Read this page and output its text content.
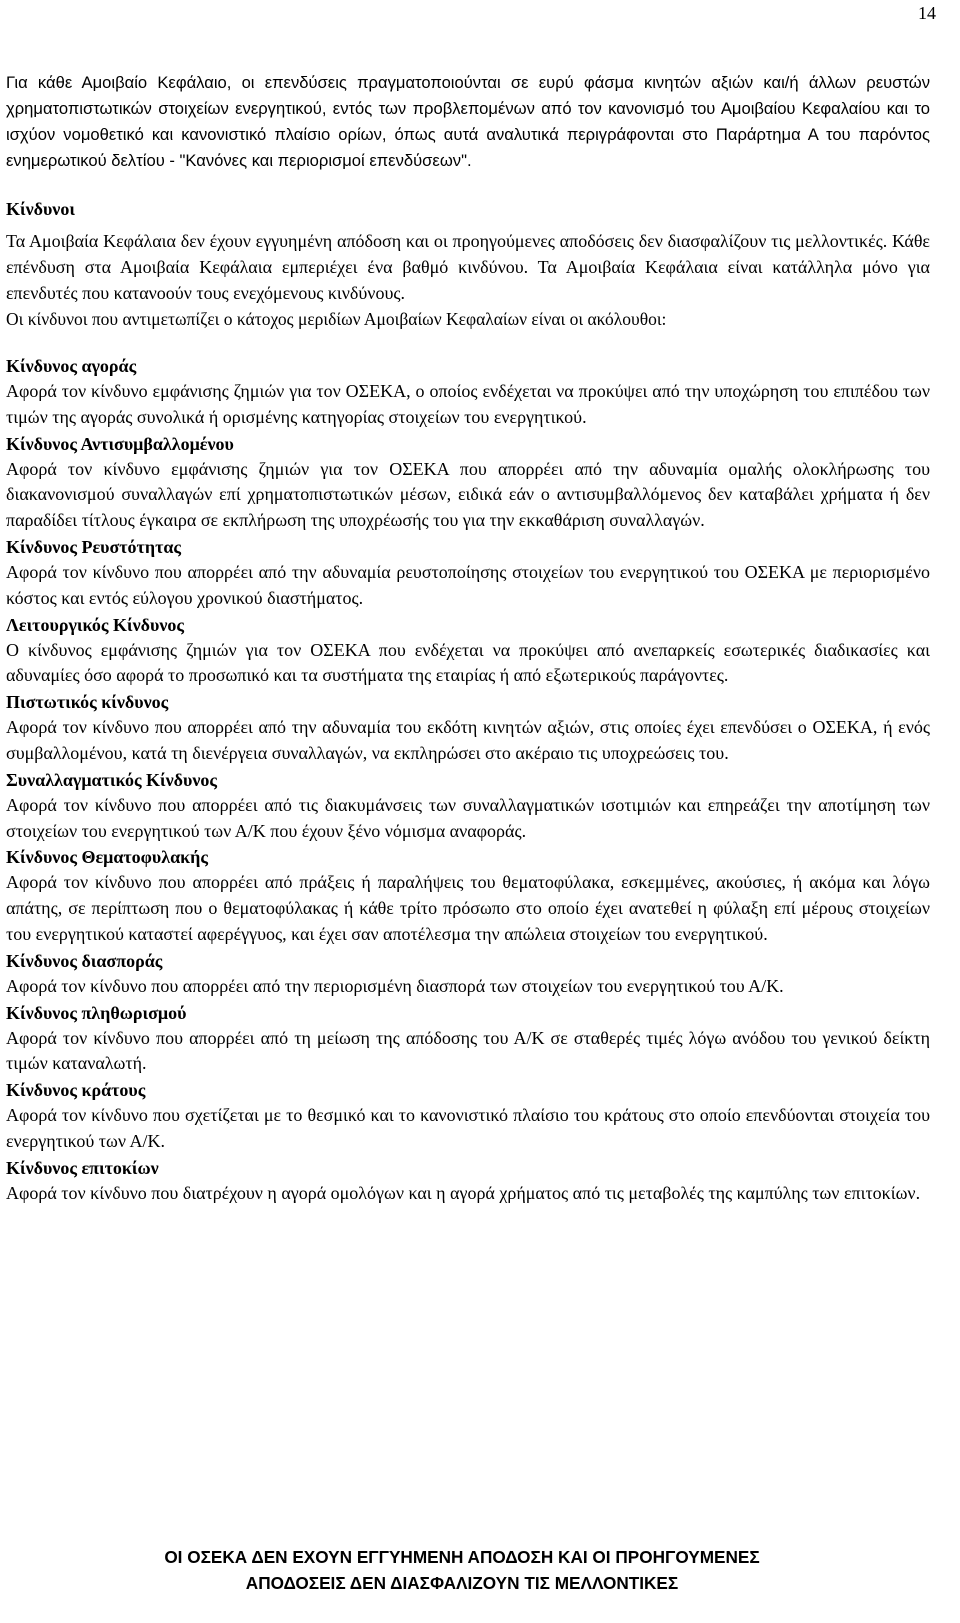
14

Για κάθε Αμοιβαίο Κεφάλαιο, οι επενδύσεις πραγματοποιούνται σε ευρύ φάσμα κινητών αξιών και/ή άλλων ρευστών χρηματοπιστωτικών στοιχείων ενεργητικού, εντός των προβλεπομένων από τον κανονισμό του Αμοιβαίου Κεφαλαίου και το ισχύον νομοθετικό και κανονιστικό πλαίσιο ορίων, όπως αυτά αναλυτικά περιγράφονται στο Παράρτημα Α του παρόντος ενημερωτικού δελτίου - "Κανόνες και περιορισμοί επενδύσεων".

Κίνδυνοι

Τα Αμοιβαία Κεφάλαια δεν έχουν εγγυημένη απόδοση και οι προηγούμενες αποδόσεις δεν διασφαλίζουν τις μελλοντικές. Κάθε επένδυση στα Αμοιβαία Κεφάλαια εμπεριέχει ένα βαθμό κινδύνου. Τα Αμοιβαία Κεφάλαια είναι κατάλληλα μόνο για επενδυτές που κατανοούν τους ενεχόμενους κινδύνους.

Οι κίνδυνοι που αντιμετωπίζει ο κάτοχος μεριδίων Αμοιβαίων Κεφαλαίων είναι οι ακόλουθοι:

Κίνδυνος αγοράς

Αφορά τον κίνδυνο εμφάνισης ζημιών για τον ΟΣΕΚΑ, ο οποίος ενδέχεται να προκύψει από την υποχώρηση του επιπέδου των τιμών της αγοράς συνολικά ή ορισμένης κατηγορίας στοιχείων του ενεργητικού.

Κίνδυνος Αντισυμβαλλομένου

Αφορά τον κίνδυνο εμφάνισης ζημιών για τον ΟΣΕΚΑ που απορρέει από την αδυναμία ομαλής ολοκλήρωσης του διακανονισμού συναλλαγών επί χρηματοπιστωτικών μέσων, ειδικά εάν ο αντισυμβαλλόμενος δεν καταβάλει χρήματα ή δεν παραδίδει τίτλους έγκαιρα σε εκπλήρωση της υποχρέωσής του για την εκκαθάριση συναλλαγών.

Κίνδυνος Ρευστότητας

Αφορά τον κίνδυνο που απορρέει από την αδυναμία ρευστοποίησης στοιχείων του ενεργητικού του ΟΣΕΚΑ με περιορισμένο κόστος και εντός εύλογου χρονικού διαστήματος.

Λειτουργικός Κίνδυνος

Ο κίνδυνος εμφάνισης ζημιών για τον ΟΣΕΚΑ που ενδέχεται να προκύψει από ανεπαρκείς εσωτερικές διαδικασίες και αδυναμίες όσο αφορά το προσωπικό και τα συστήματα της εταιρίας ή από εξωτερικούς παράγοντες.

Πιστωτικός κίνδυνος

Αφορά τον κίνδυνο που απορρέει από την αδυναμία του εκδότη κινητών αξιών, στις οποίες έχει επενδύσει ο ΟΣΕΚΑ, ή ενός συμβαλλομένου, κατά τη διενέργεια συναλλαγών, να εκπληρώσει στο ακέραιο τις υποχρεώσεις του.

Συναλλαγματικός Κίνδυνος

Αφορά τον κίνδυνο που απορρέει από τις διακυμάνσεις των συναλλαγματικών ισοτιμιών και επηρεάζει την αποτίμηση των στοιχείων του ενεργητικού των Α/Κ που έχουν ξένο νόμισμα αναφοράς.

Κίνδυνος Θεματοφυλακής

Αφορά τον κίνδυνο που απορρέει από πράξεις ή παραλήψεις του θεματοφύλακα, εσκεμμένες, ακούσιες, ή ακόμα και λόγω απάτης, σε περίπτωση που ο θεματοφύλακας ή κάθε τρίτο πρόσωπο στο οποίο έχει ανατεθεί η φύλαξη επί μέρους στοιχείων του ενεργητικού καταστεί αφερέγγυος, και έχει σαν αποτέλεσμα την απώλεια στοιχείων του ενεργητικού.

Κίνδυνος διασποράς

Αφορά τον κίνδυνο που απορρέει από την περιορισμένη διασπορά των στοιχείων του ενεργητικού του Α/Κ.

Κίνδυνος πληθωρισμού

Αφορά τον κίνδυνο που απορρέει από τη μείωση της απόδοσης του Α/Κ σε σταθερές τιμές λόγω ανόδου του γενικού δείκτη τιμών καταναλωτή.

Κίνδυνος κράτους

Αφορά τον κίνδυνο που σχετίζεται με το θεσμικό και το κανονιστικό πλαίσιο του κράτους στο οποίο επενδύονται στοιχεία του ενεργητικού των Α/Κ.

Κίνδυνος επιτοκίων

Αφορά τον κίνδυνο που διατρέχουν η αγορά ομολόγων και η αγορά χρήματος από τις μεταβολές της καμπύλης των επιτοκίων.

ΟΙ ΟΣΕΚΑ ΔΕΝ ΕΧΟΥΝ ΕΓΓΥΗΜΕΝΗ ΑΠΟΔΟΣΗ ΚΑΙ ΟΙ ΠΡΟΗΓΟΥΜΕΝΕΣ
ΑΠΟΔΟΣΕΙΣ ΔΕΝ ΔΙΑΣΦΑΛΙΖΟΥΝ ΤΙΣ ΜΕΛΛΟΝΤΙΚΕΣ
